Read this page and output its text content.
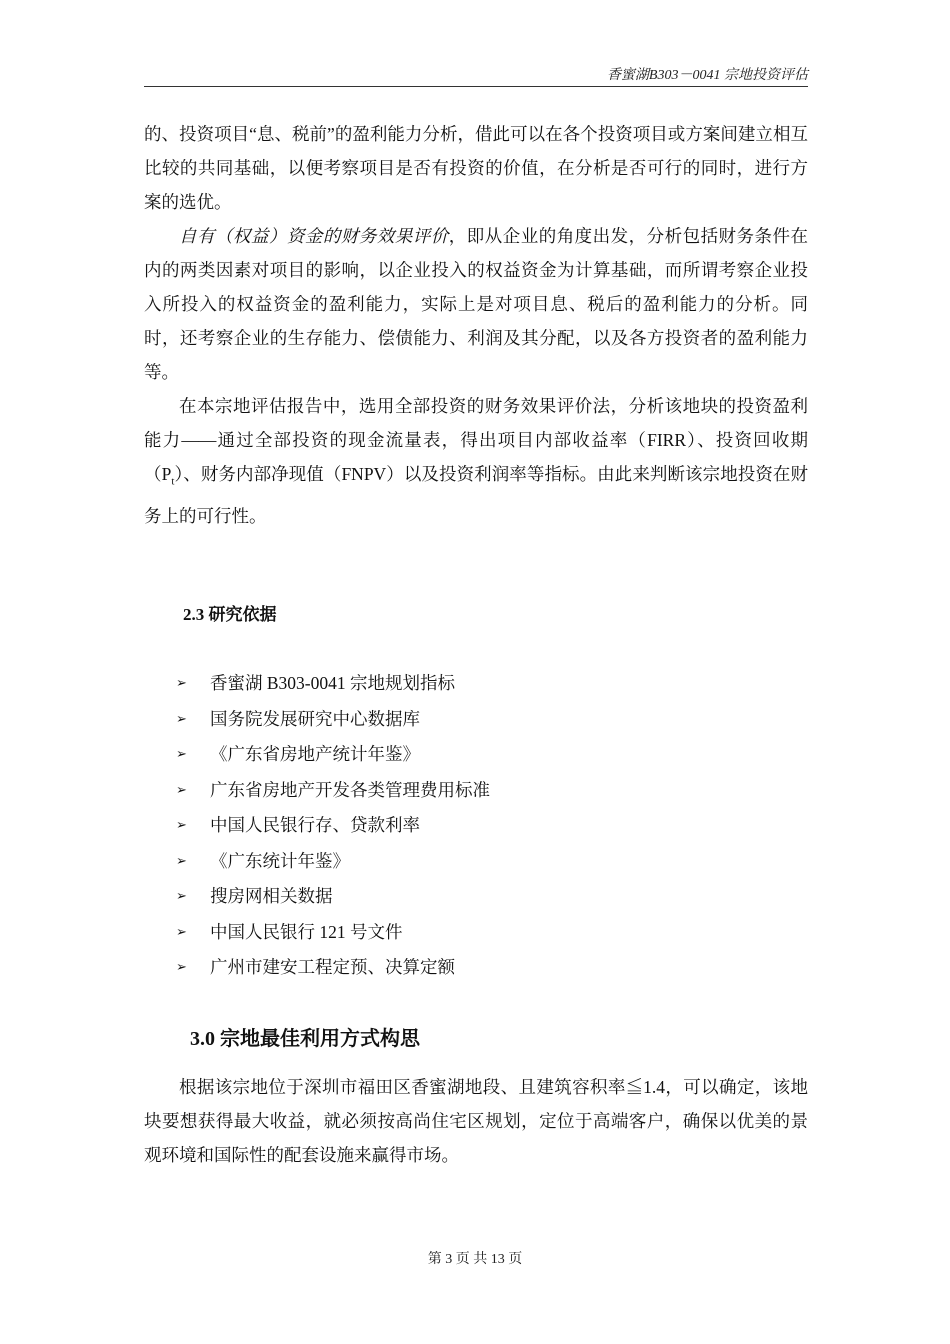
香蜜湖B303－0041 宗地投资评估

的、投资项目“息、税前”的盈利能力分析，借此可以在各个投资项目或方案间建立相互比较的共同基础，以便考察项目是否有投资的价值，在分析是否可行的同时，进行方案的选优。

自有（权益）资金的财务效果评价，即从企业的角度出发，分析包括财务条件在内的两类因素对项目的影响，以企业投入的权益资金为计算基础，而所谓考察企业投入所投入的权益资金的盈利能力，实际上是对项目息、税后的盈利能力的分析。同时，还考察企业的生存能力、偿债能力、利润及其分配，以及各方投资者的盈利能力等。

在本宗地评估报告中，选用全部投资的财务效果评价法，分析该地块的投资盈利能力——通过全部投资的现金流量表，得出项目内部收益率（FIRR）、投资回收期$(P_t)$、财务内部净现值（FNPV）以及投资利润率等指标。由此来判断该宗地投资在财务上的可行性。

2.3 研究依据
➢	香蜜湖 B303-0041 宗地规划指标
➢	国务院发展研究中心数据库
➢	《广东省房地产统计年鉴》
➢	广东省房地产开发各类管理费用标准
➢	中国人民银行存、贷款利率
➢	《广东统计年鉴》
➢	搜房网相关数据
➢	中国人民银行 121 号文件
➢	广州市建安工程定预、决算定额
3.0 宗地最佳利用方式构思

根据该宗地位于深圳市福田区香蜜湖地段、且建筑容积率≦1.4，可以确定，该地块要想获得最大收益，就必须按高尚住宅区规划，定位于高端客户，确保以优美的景观环境和国际性的配套设施来赢得市场。

第 3 页 共 13 页
